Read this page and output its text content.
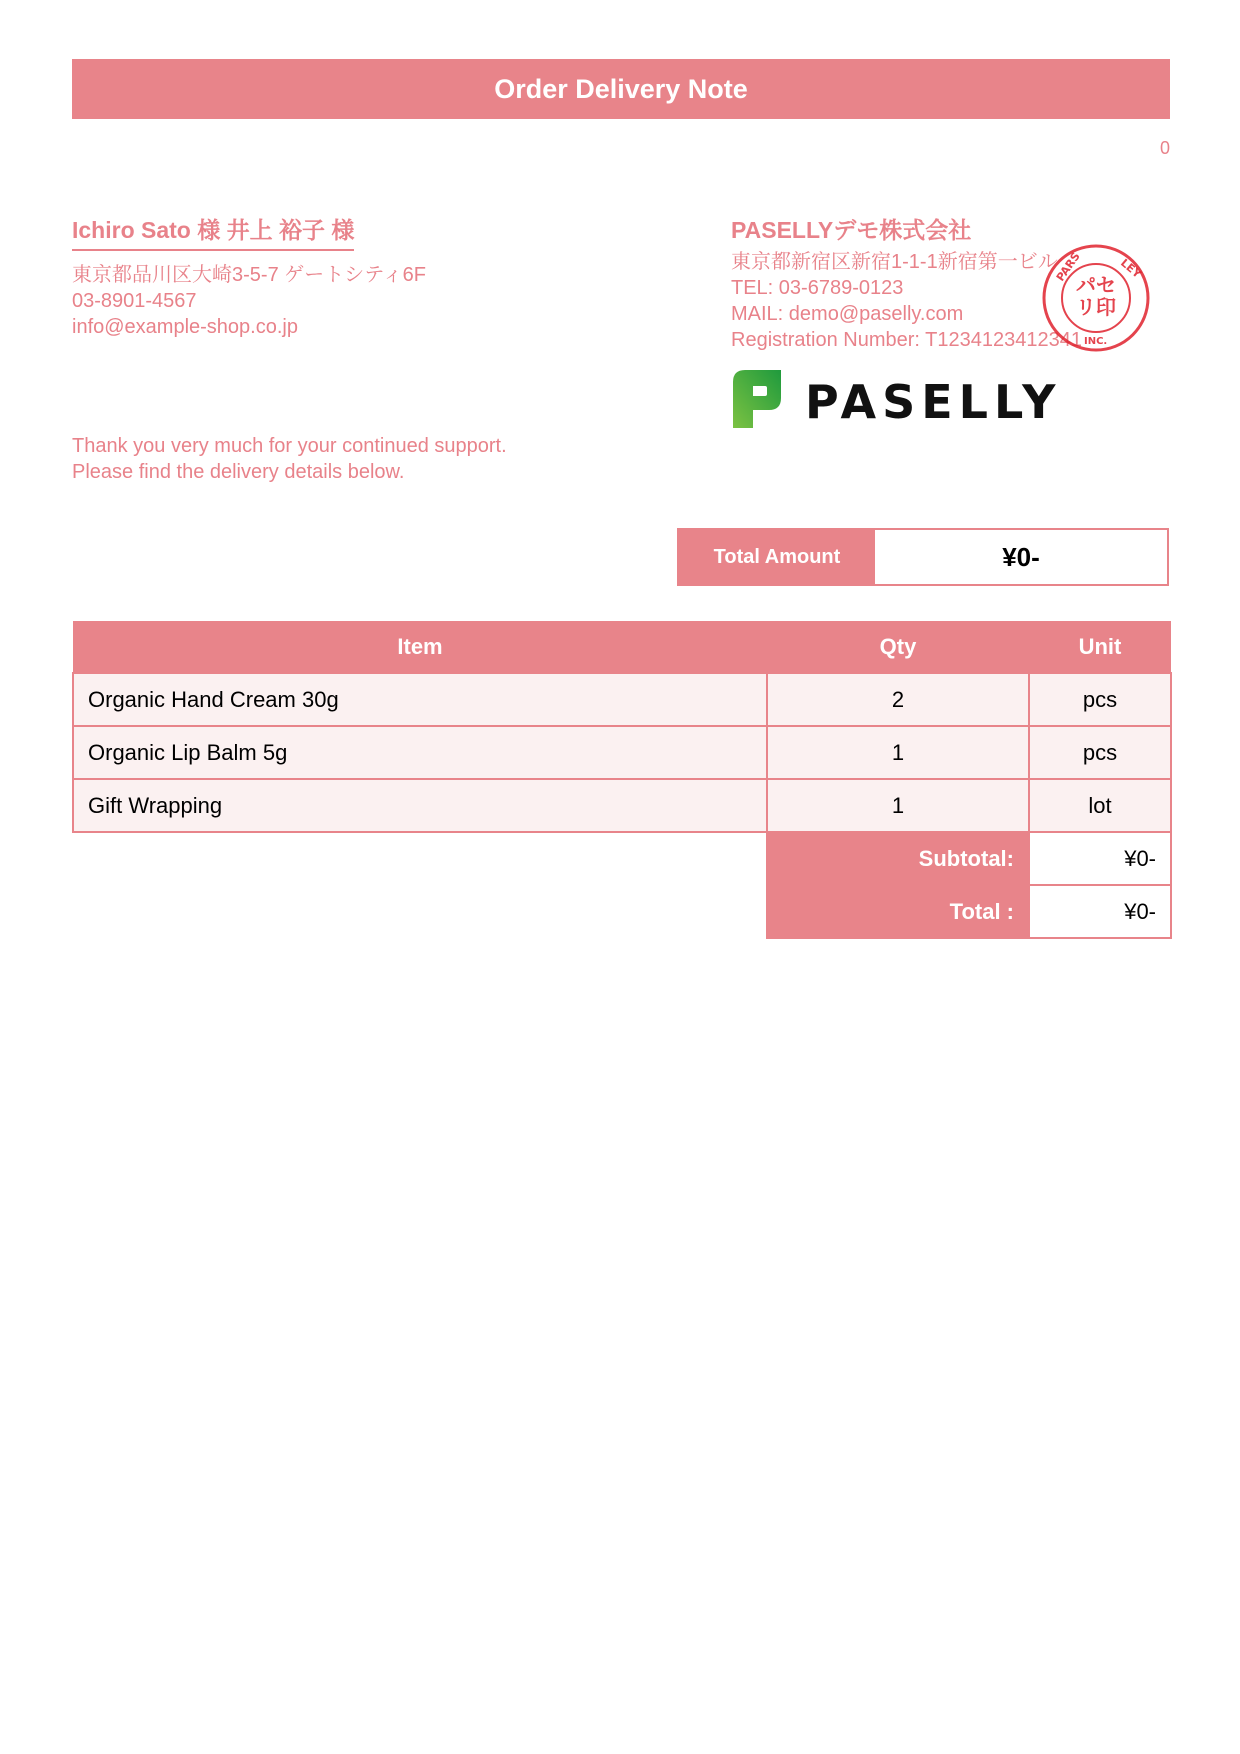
Order Delivery Note
0
Ichiro Sato 様 井上 裕子 様
東京都品川区大崎3-5-7 ゲートシティ6F
03-8901-4567
info@example-shop.co.jp
PASELLYデモ株式会社
東京都新宿区新宿1-1-1新宿第一ビル
TEL: 03-6789-0123
MAIL: demo@paselly.com
Registration Number: T1234123412341
パセ
リ印
PARS	LEY
INC.
PASELLY
Thank you very much for your continued support.
Please find the delivery details below.
Total Amount	¥0-
Item	Qty	Unit
Organic Hand Cream 30g	2	pcs
Organic Lip Balm 5g	1	pcs
Gift Wrapping	1	lot
	Subtotal:	¥0-
	Total :	¥0-
